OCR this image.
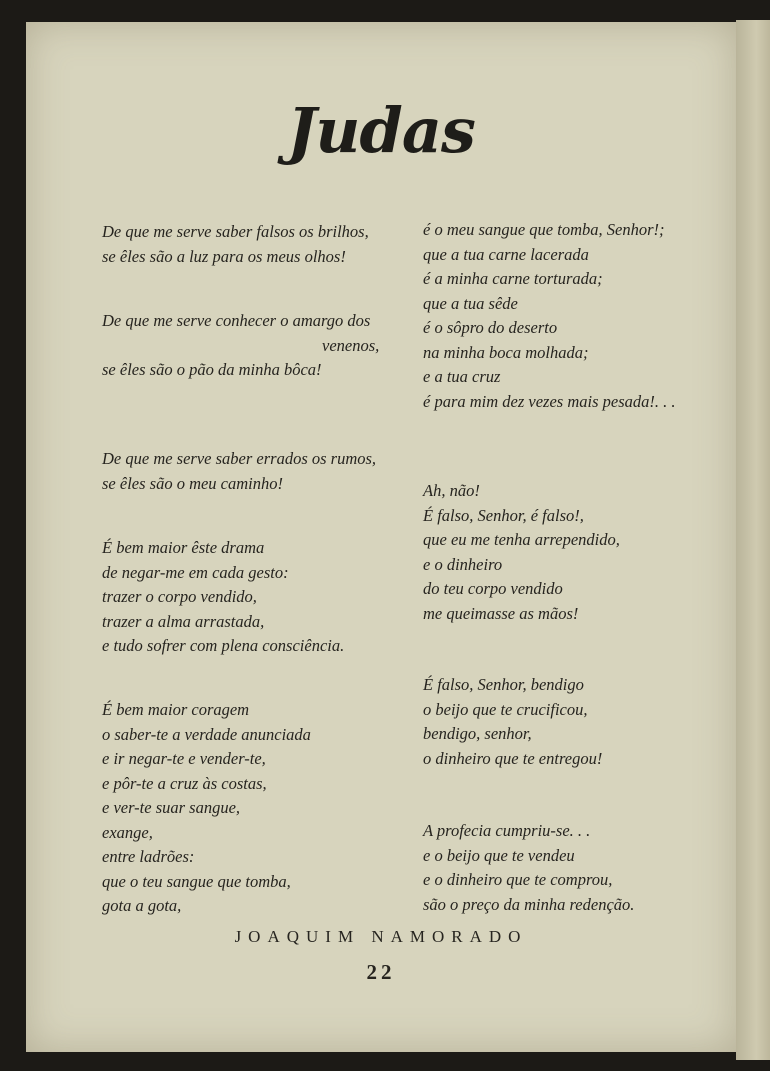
Judas
De que me serve saber falsos os brilhos,
se êles são a luz para os meus olhos!
De que me serve conhecer o amargo dos
venenos,
se êles são o pão da minha bôca!
De que me serve saber errados os rumos,
se êles são o meu caminho!
É bem maior êste drama
de negar-me em cada gesto:
trazer o corpo vendido,
trazer a alma arrastada,
e tudo sofrer com plena consciência.
É bem maior coragem
o saber-te a verdade anunciada
e ir negar-te e vender-te,
e pôr-te a cruz às costas,
e ver-te suar sangue,
exange,
entre ladrões:
que o teu sangue que tomba,
gota a gota,
é o meu sangue que tomba, Senhor!;
que a tua carne lacerada
é a minha carne torturada;
que a tua sêde
é o sôpro do deserto
na minha boca molhada;
e a tua cruz
é para mim dez vezes mais pesada!. . .
Ah, não!
É falso, Senhor, é falso!,
que eu me tenha arrependido,
e o dinheiro
do teu corpo vendido
me queimasse as mãos!
É falso, Senhor, bendigo
o beijo que te crucificou,
bendigo, senhor,
o dinheiro que te entregou!
A profecia cumpriu-se. . .
e o beijo que te vendeu
e o dinheiro que te comprou,
são o preço da minha redenção.
JOAQUIM NAMORADO
22
